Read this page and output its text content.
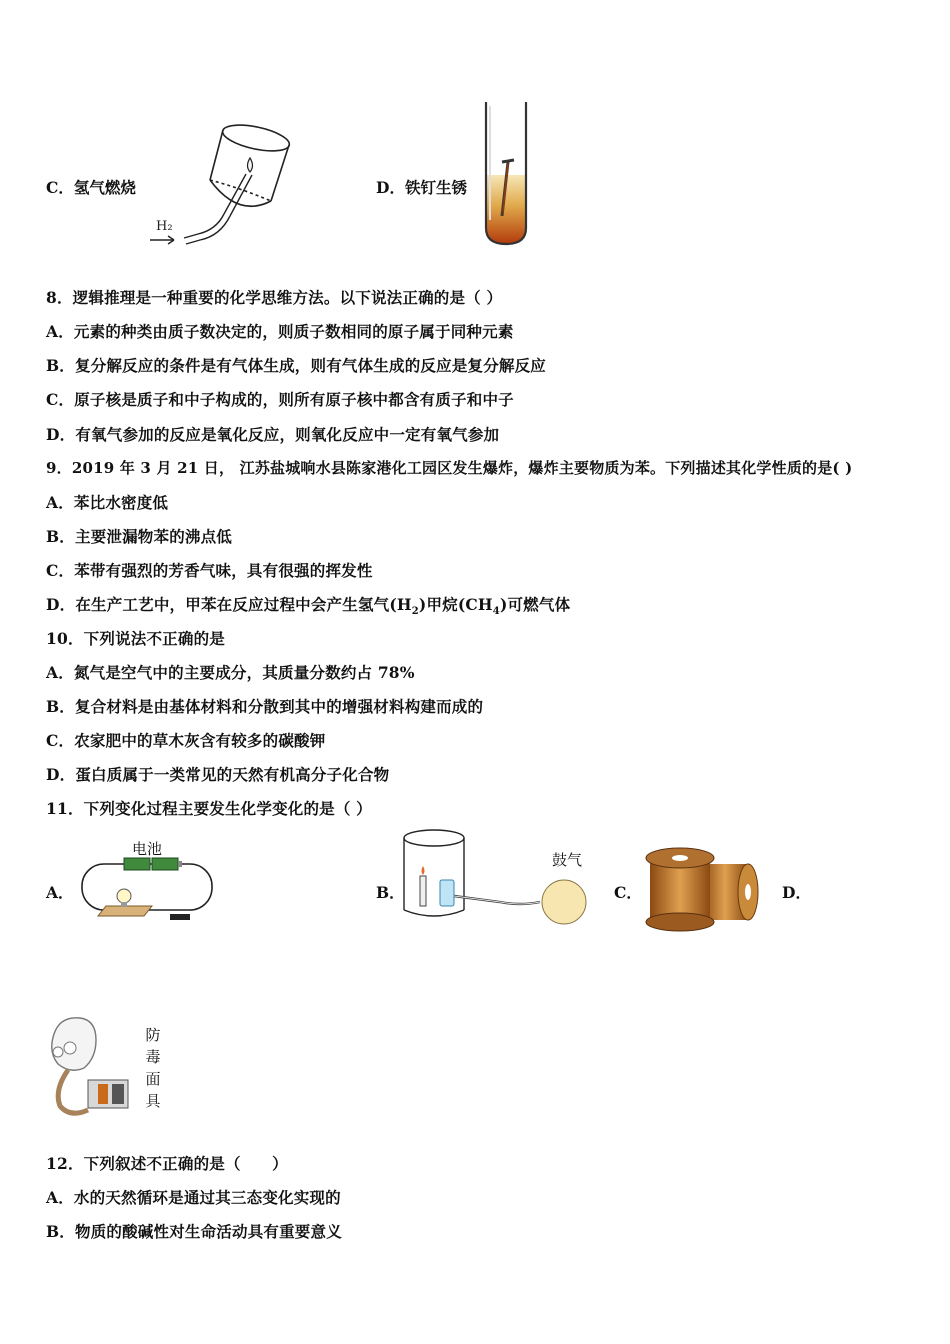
C．氢气燃烧
H₂
D．铁钉生锈
8．逻辑推理是一种重要的化学思维方法。以下说法正确的是（ ）
A．元素的种类由质子数决定的，则质子数相同的原子属于同种元素
B．复分解反应的条件是有气体生成，则有气体生成的反应是复分解反应
C．原子核是质子和中子构成的，则所有原子核中都含有质子和中子
D．有氧气参加的反应是氧化反应，则氧化反应中一定有氧气参加
9．2019 年 3 月 21 日， 江苏盐城响水县陈家港化工园区发生爆炸，爆炸主要物质为苯。下列描述其化学性质的是( )
A．苯比水密度低
B．主要泄漏物苯的沸点低
C．苯带有强烈的芳香气味，具有很强的挥发性
D．在生产工艺中，甲苯在反应过程中会产生氢气$(H_2)$甲烷$(CH_4)$可燃气体
10．下列说法不正确的是
A．氮气是空气中的主要成分，其质量分数约占 78%
B．复合材料是由基体材料和分散到其中的增强材料构建而成的
C．农家肥中的草木灰含有较多的碳酸钾
D．蛋白质属于一类常见的天然有机高分子化合物
11．下列变化过程主要发生化学变化的是（ ）
A．
电池
B．
鼓气
C．	D．
防
毒
面
具
12．下列叙述不正确的是（　　）
A．水的天然循环是通过其三态变化实现的
B．物质的酸碱性对生命活动具有重要意义
